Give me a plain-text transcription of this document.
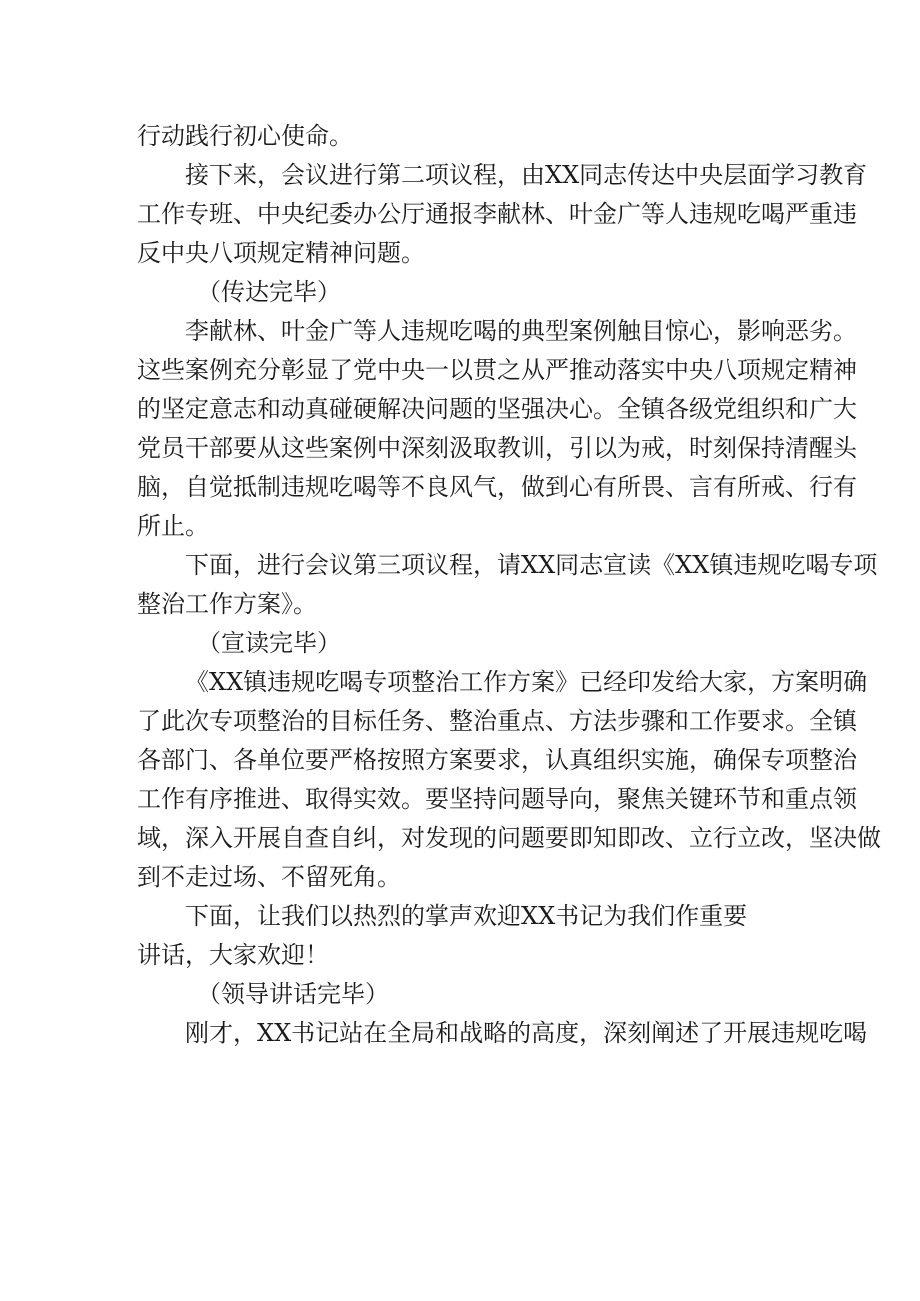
行动践行初心使命。
接下来，会议进行第二项议程，由XX同志传达中央层面学习教育
工作专班、中央纪委办公厅通报李献林、叶金广等人违规吃喝严重违
反中央八项规定精神问题。
（传达完毕）
李献林、叶金广等人违规吃喝的典型案例触目惊心，影响恶劣。
这些案例充分彰显了党中央一以贯之从严推动落实中央八项规定精神
的坚定意志和动真碰硬解决问题的坚强决心。全镇各级党组织和广大
党员干部要从这些案例中深刻汲取教训，引以为戒，时刻保持清醒头
脑，自觉抵制违规吃喝等不良风气，做到心有所畏、言有所戒、行有
所止。
下面，进行会议第三项议程，请XX同志宣读《XX镇违规吃喝专项
整治工作方案》。
（宣读完毕）
《XX镇违规吃喝专项整治工作方案》已经印发给大家，方案明确
了此次专项整治的目标任务、整治重点、方法步骤和工作要求。全镇
各部门、各单位要严格按照方案要求，认真组织实施，确保专项整治
工作有序推进、取得实效。要坚持问题导向，聚焦关键环节和重点领
域，深入开展自查自纠，对发现的问题要即知即改、立行立改，坚决做
到不走过场、不留死角。
下面，让我们以热烈的掌声欢迎XX书记为我们作重要
讲话，大家欢迎！
（领导讲话完毕）
刚才，XX书记站在全局和战略的高度，深刻阐述了开展违规吃喝
